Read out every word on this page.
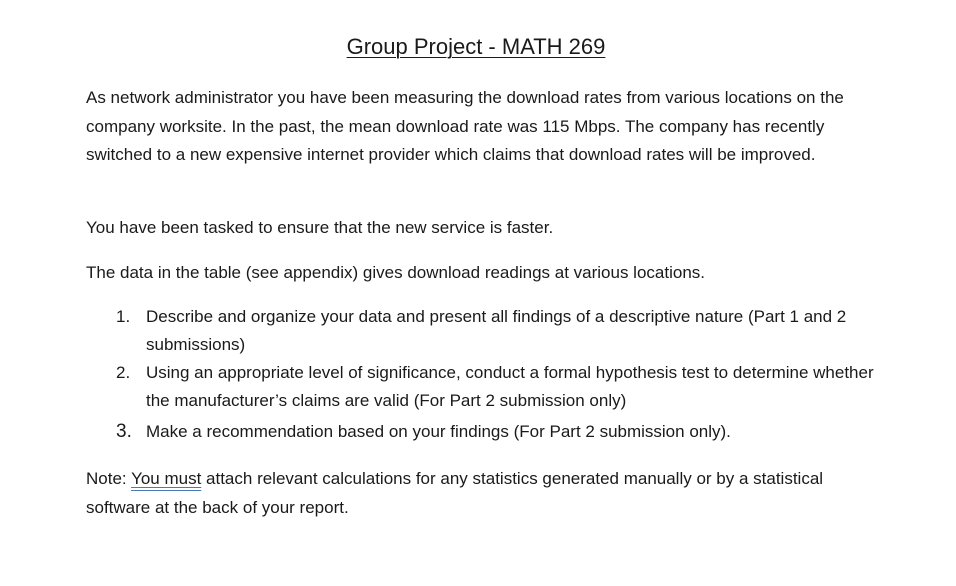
Group Project - MATH 269

As network administrator you have been measuring the download rates from various locations on the company worksite. In the past, the mean download rate was 115 Mbps. The company has recently switched to a new expensive internet provider which claims that download rates will be improved.

You have been tasked to ensure that the new service is faster.

The data in the table (see appendix) gives download readings at various locations.

1. Describe and organize your data and present all findings of a descriptive nature (Part 1 and 2 submissions)
2. Using an appropriate level of significance, conduct a formal hypothesis test to determine whether the manufacturer’s claims are valid (For Part 2 submission only)
3. Make a recommendation based on your findings (For Part 2 submission only).

Note: You must attach relevant calculations for any statistics generated manually or by a statistical software at the back of your report.
